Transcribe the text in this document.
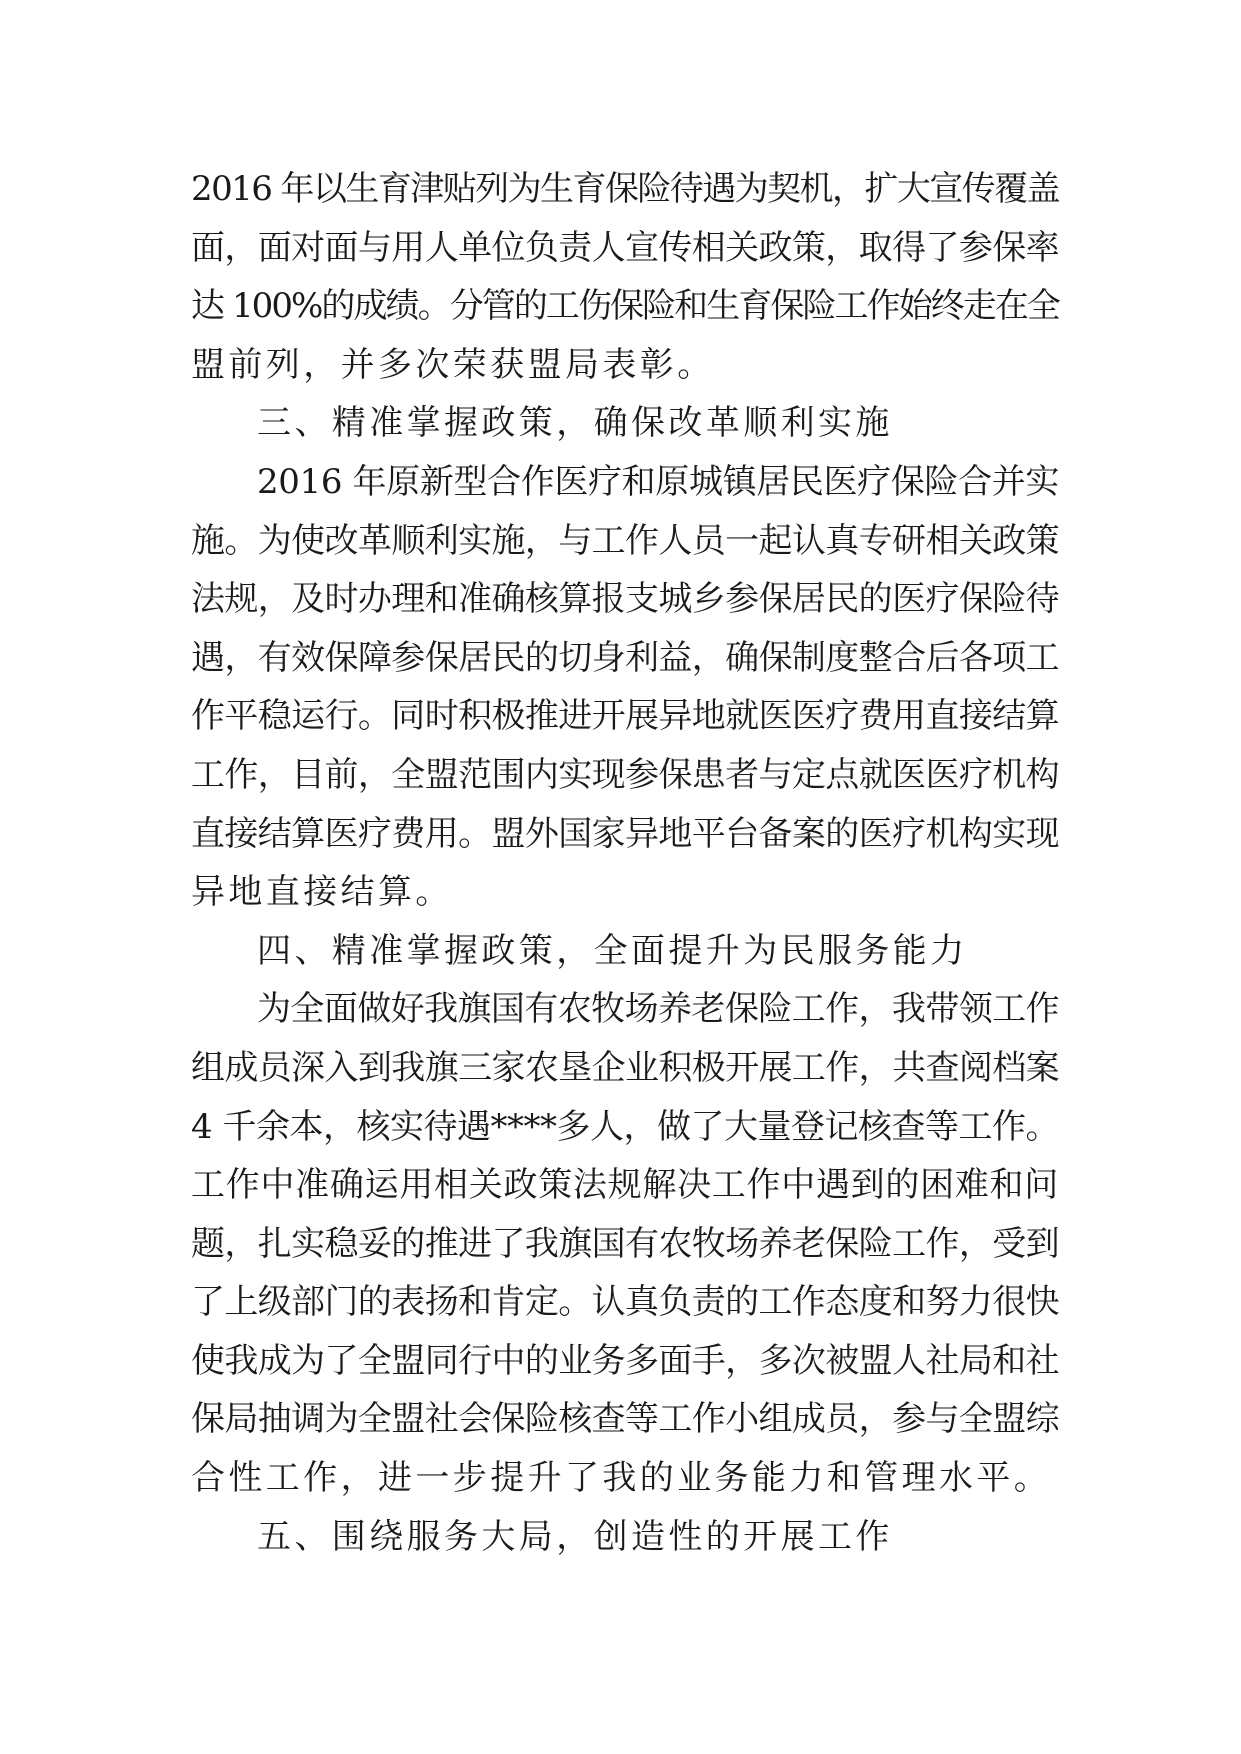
2016 年以生育津贴列为生育保险待遇为契机，扩大宣传覆盖
面，面对面与用人单位负责人宣传相关政策，取得了参保率
达 100%的成绩。分管的工伤保险和生育保险工作始终走在全
盟前列，并多次荣获盟局表彰。
三、精准掌握政策，确保改革顺利实施
2016 年原新型合作医疗和原城镇居民医疗保险合并实
施。为使改革顺利实施，与工作人员一起认真专研相关政策
法规，及时办理和准确核算报支城乡参保居民的医疗保险待
遇，有效保障参保居民的切身利益，确保制度整合后各项工
作平稳运行。同时积极推进开展异地就医医疗费用直接结算
工作，目前，全盟范围内实现参保患者与定点就医医疗机构
直接结算医疗费用。盟外国家异地平台备案的医疗机构实现
异地直接结算。
四、精准掌握政策，全面提升为民服务能力
为全面做好我旗国有农牧场养老保险工作，我带领工作
组成员深入到我旗三家农垦企业积极开展工作，共查阅档案
4 千余本，核实待遇****多人，做了大量登记核查等工作。
工作中准确运用相关政策法规解决工作中遇到的困难和问
题，扎实稳妥的推进了我旗国有农牧场养老保险工作，受到
了上级部门的表扬和肯定。认真负责的工作态度和努力很快
使我成为了全盟同行中的业务多面手，多次被盟人社局和社
保局抽调为全盟社会保险核查等工作小组成员，参与全盟综
合性工作，进一步提升了我的业务能力和管理水平。
五、围绕服务大局，创造性的开展工作
